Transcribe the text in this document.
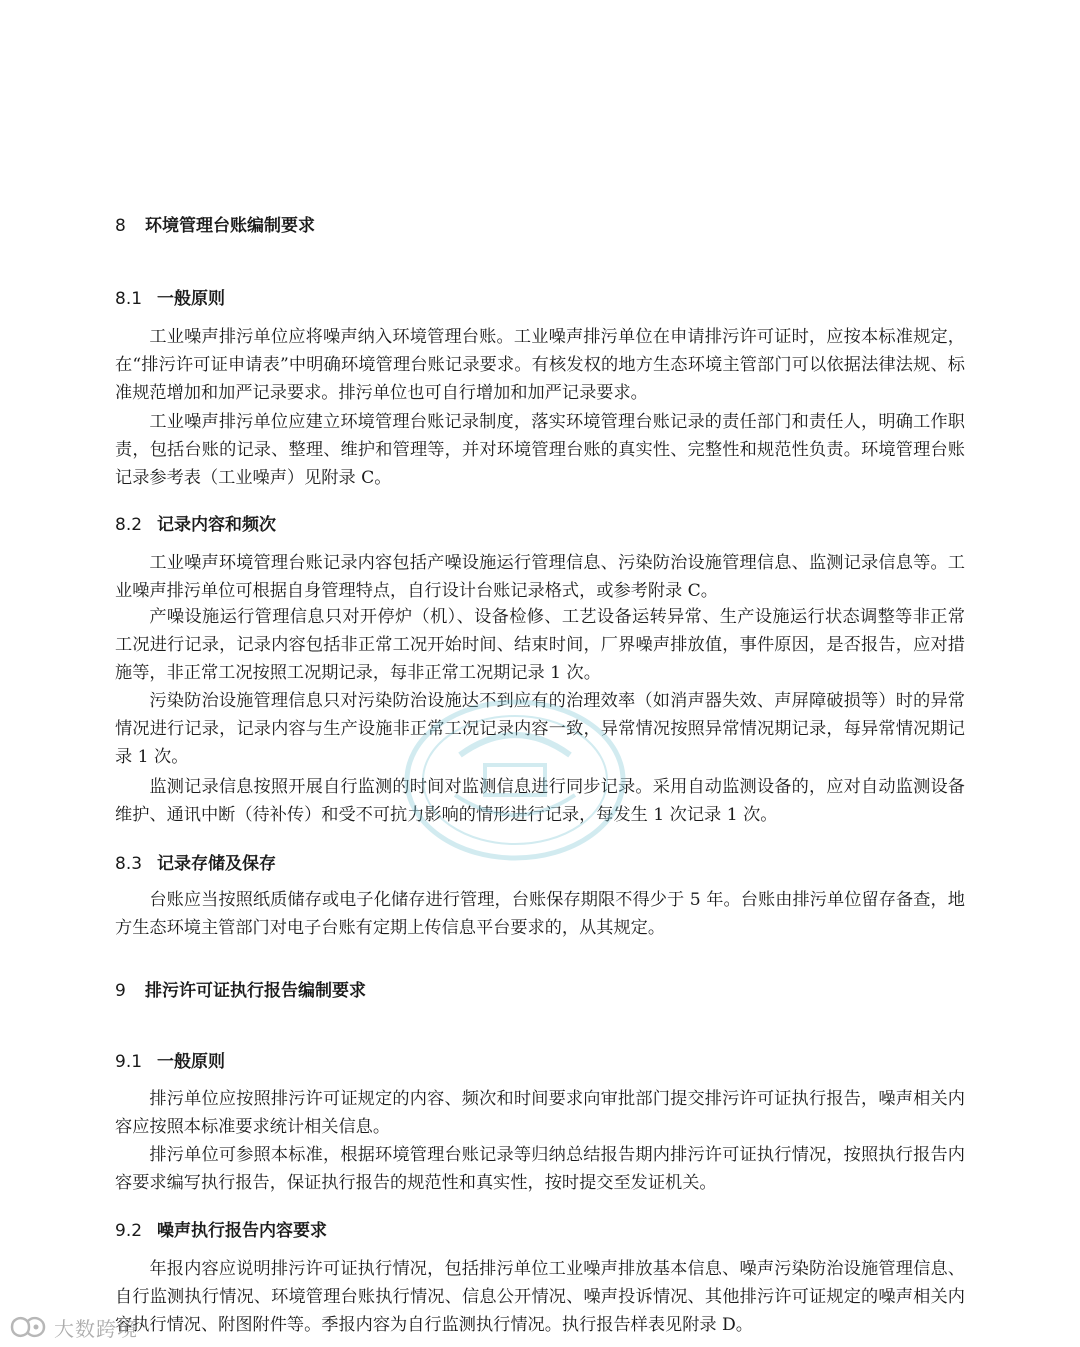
8 环境管理台账编制要求
8.1 一般原则

工业噪声排污单位应将噪声纳入环境管理台账。工业噪声排污单位在申请排污许可证时，应按本标准规定，在“排污许可证申请表”中明确环境管理台账记录要求。有核发权的地方生态环境主管部门可以依据法律法规、标准规范增加和加严记录要求。排污单位也可自行增加和加严记录要求。

工业噪声排污单位应建立环境管理台账记录制度，落实环境管理台账记录的责任部门和责任人，明确工作职责，包括台账的记录、整理、维护和管理等，并对环境管理台账的真实性、完整性和规范性负责。环境管理台账记录参考表（工业噪声）见附录 C。

8.2 记录内容和频次

工业噪声环境管理台账记录内容包括产噪设施运行管理信息、污染防治设施管理信息、监测记录信息等。工业噪声排污单位可根据自身管理特点，自行设计台账记录格式，或参考附录 C。

产噪设施运行管理信息只对开停炉（机）、设备检修、工艺设备运转异常、生产设施运行状态调整等非正常工况进行记录，记录内容包括非正常工况开始时间、结束时间，厂界噪声排放值，事件原因，是否报告，应对措施等，非正常工况按照工况期记录，每非正常工况期记录 1 次。

污染防治设施管理信息只对污染防治设施达不到应有的治理效率（如消声器失效、声屏障破损等）时的异常情况进行记录，记录内容与生产设施非正常工况记录内容一致，异常情况按照异常情况期记录，每异常情况期记录 1 次。

监测记录信息按照开展自行监测的时间对监测信息进行同步记录。采用自动监测设备的，应对自动监测设备维护、通讯中断（待补传）和受不可抗力影响的情形进行记录，每发生 1 次记录 1 次。

8.3 记录存储及保存

台账应当按照纸质储存或电子化储存进行管理，台账保存期限不得少于 5 年。台账由排污单位留存备查，地方生态环境主管部门对电子台账有定期上传信息平台要求的，从其规定。

9 排污许可证执行报告编制要求
9.1 一般原则

排污单位应按照排污许可证规定的内容、频次和时间要求向审批部门提交排污许可证执行报告，噪声相关内容应按照本标准要求统计相关信息。

排污单位可参照本标准，根据环境管理台账记录等归纳总结报告期内排污许可证执行情况，按照执行报告内容要求编写执行报告，保证执行报告的规范性和真实性，按时提交至发证机关。

9.2 噪声执行报告内容要求

年报内容应说明排污许可证执行情况，包括排污单位工业噪声排放基本信息、噪声污染防治设施管理信息、自行监测执行情况、环境管理台账执行情况、信息公开情况、噪声投诉情况、其他排污许可证规定的噪声相关内容执行情况、附图附件等。季报内容为自行监测执行情况。执行报告样表见附录 D。

大数跨境
